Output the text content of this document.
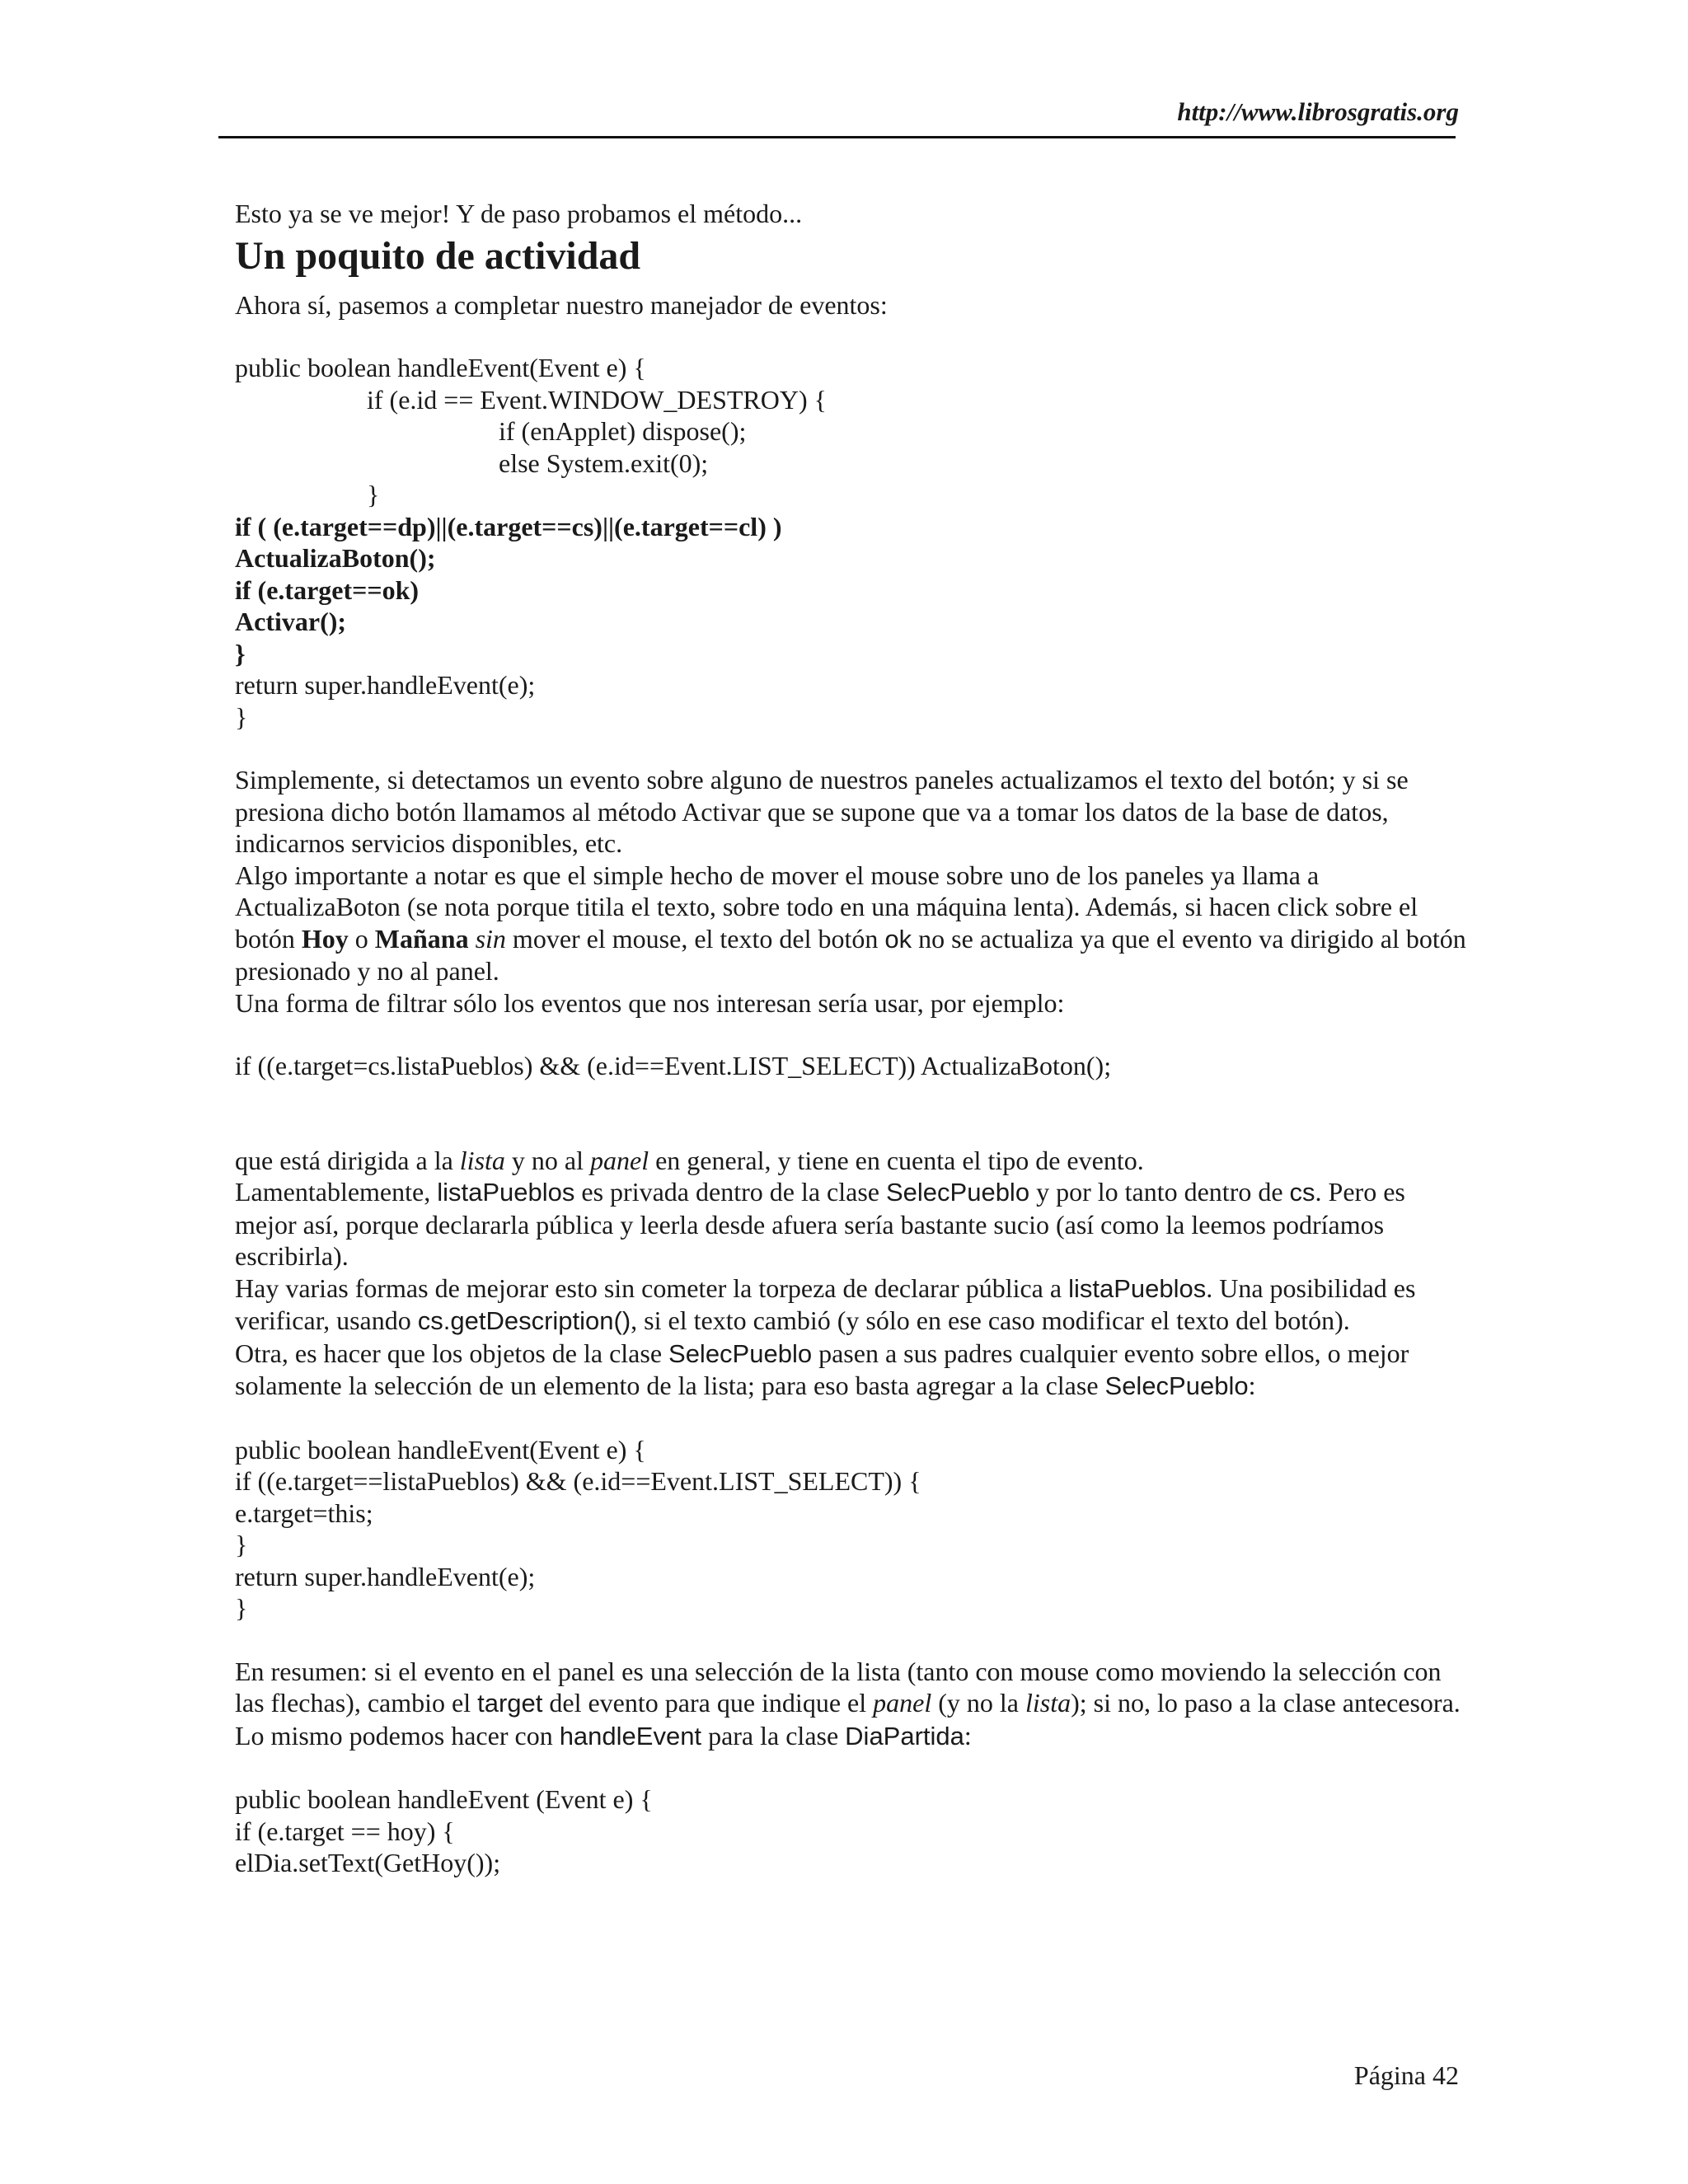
http://www.librosgratis.org

Esto ya se ve mejor! Y de paso probamos el método...

Un poquito de actividad

Ahora sí, pasemos a completar nuestro manejador de eventos:

public boolean handleEvent(Event e) {
if (e.id == Event.WINDOW_DESTROY) {
if (enApplet) dispose();
else System.exit(0);
}
if ( (e.target==dp)||(e.target==cs)||(e.target==cl) )
ActualizaBoton();
if (e.target==ok)
Activar();
}
return super.handleEvent(e);
}

Simplemente, si detectamos un evento sobre alguno de nuestros paneles actualizamos el texto del botón; y si se presiona dicho botón llamamos al método Activar que se supone que va a tomar los datos de la base de datos, indicarnos servicios disponibles, etc.

Algo importante a notar es que el simple hecho de mover el mouse sobre uno de los paneles ya llama a ActualizaBoton (se nota porque titila el texto, sobre todo en una máquina lenta). Además, si hacen click sobre el botón Hoy o Mañana sin mover el mouse, el texto del botón ok no se actualiza ya que el evento va dirigido al botón presionado y no al panel.

Una forma de filtrar sólo los eventos que nos interesan sería usar, por ejemplo:

if ((e.target=cs.listaPueblos) && (e.id==Event.LIST_SELECT)) ActualizaBoton();

que está dirigida a la lista y no al panel en general, y tiene en cuenta el tipo de evento.

Lamentablemente, listaPueblos es privada dentro de la clase SelecPueblo y por lo tanto dentro de cs. Pero es mejor así, porque declararla pública y leerla desde afuera sería bastante sucio (así como la leemos podríamos escribirla).

Hay varias formas de mejorar esto sin cometer la torpeza de declarar pública a listaPueblos. Una posibilidad es verificar, usando cs.getDescription(), si el texto cambió (y sólo en ese caso modificar el texto del botón).

Otra, es hacer que los objetos de la clase SelecPueblo pasen a sus padres cualquier evento sobre ellos, o mejor solamente la selección de un elemento de la lista; para eso basta agregar a la clase SelecPueblo:

public boolean handleEvent(Event e) {
if ((e.target==listaPueblos) && (e.id==Event.LIST_SELECT)) {
e.target=this;
}
return super.handleEvent(e);
}

En resumen: si el evento en el panel es una selección de la lista (tanto con mouse como moviendo la selección con las flechas), cambio el target del evento para que indique el panel (y no la lista); si no, lo paso a la clase antecesora.

Lo mismo podemos hacer con handleEvent para la clase DiaPartida:

public boolean handleEvent (Event e) {
if (e.target == hoy) {
elDia.setText(GetHoy());
Página 42
